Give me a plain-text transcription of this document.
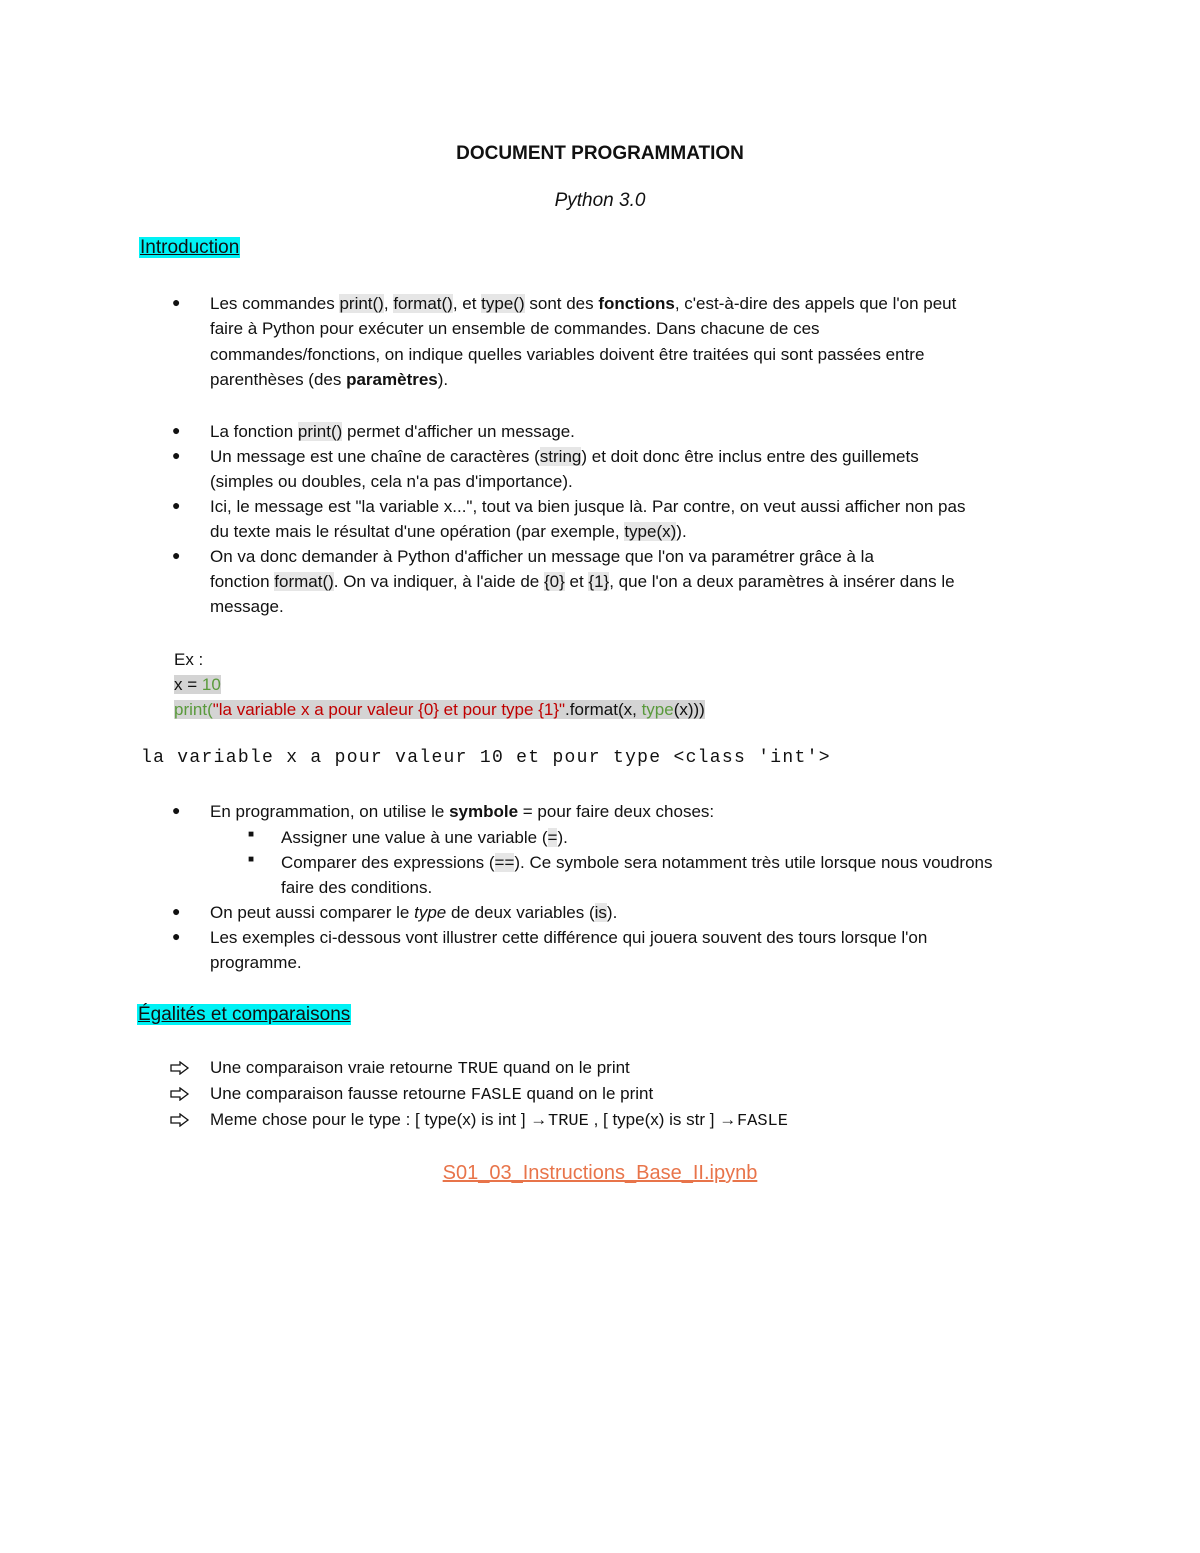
DOCUMENT PROGRAMMATION
Python 3.0
Introduction
● Les commandes print(), format(), et type() sont des fonctions, c'est-à-dire des appels que l'on peut
faire à Python pour exécuter un ensemble de commandes. Dans chacune de ces
commandes/fonctions, on indique quelles variables doivent être traitées qui sont passées entre
parenthèses (des paramètres).
● La fonction print() permet d'afficher un message.
● Un message est une chaîne de caractères (string) et doit donc être inclus entre des guillemets
(simples ou doubles, cela n'a pas d'importance).
● Ici, le message est "la variable x...", tout va bien jusque là. Par contre, on veut aussi afficher non pas
du texte mais le résultat d'une opération (par exemple, type(x)).
● On va donc demander à Python d'afficher un message que l'on va paramétrer grâce à la
fonction format(). On va indiquer, à l'aide de {0} et {1}, que l'on a deux paramètres à insérer dans le
message.
Ex :
x = 10
print("la variable x a pour valeur {0} et pour type {1}".format(x, type(x)))
la variable x a pour valeur 10 et pour type <class 'int'>
● En programmation, on utilise le symbole = pour faire deux choses:
■ Assigner une value à une variable (=).
■ Comparer des expressions (==). Ce symbole sera notamment très utile lorsque nous voudrons
faire des conditions.
● On peut aussi comparer le type de deux variables (is).
● Les exemples ci-dessous vont illustrer cette différence qui jouera souvent des tours lorsque l'on
programme.
Égalités et comparaisons
Une comparaison vraie retourne TRUE quand on le print
Une comparaison fausse retourne FASLE quand on le print
Meme chose pour le type : [ type(x) is int ] → TRUE , [ type(x) is str ] → FASLE
S01_03_Instructions_Base_II.ipynb
